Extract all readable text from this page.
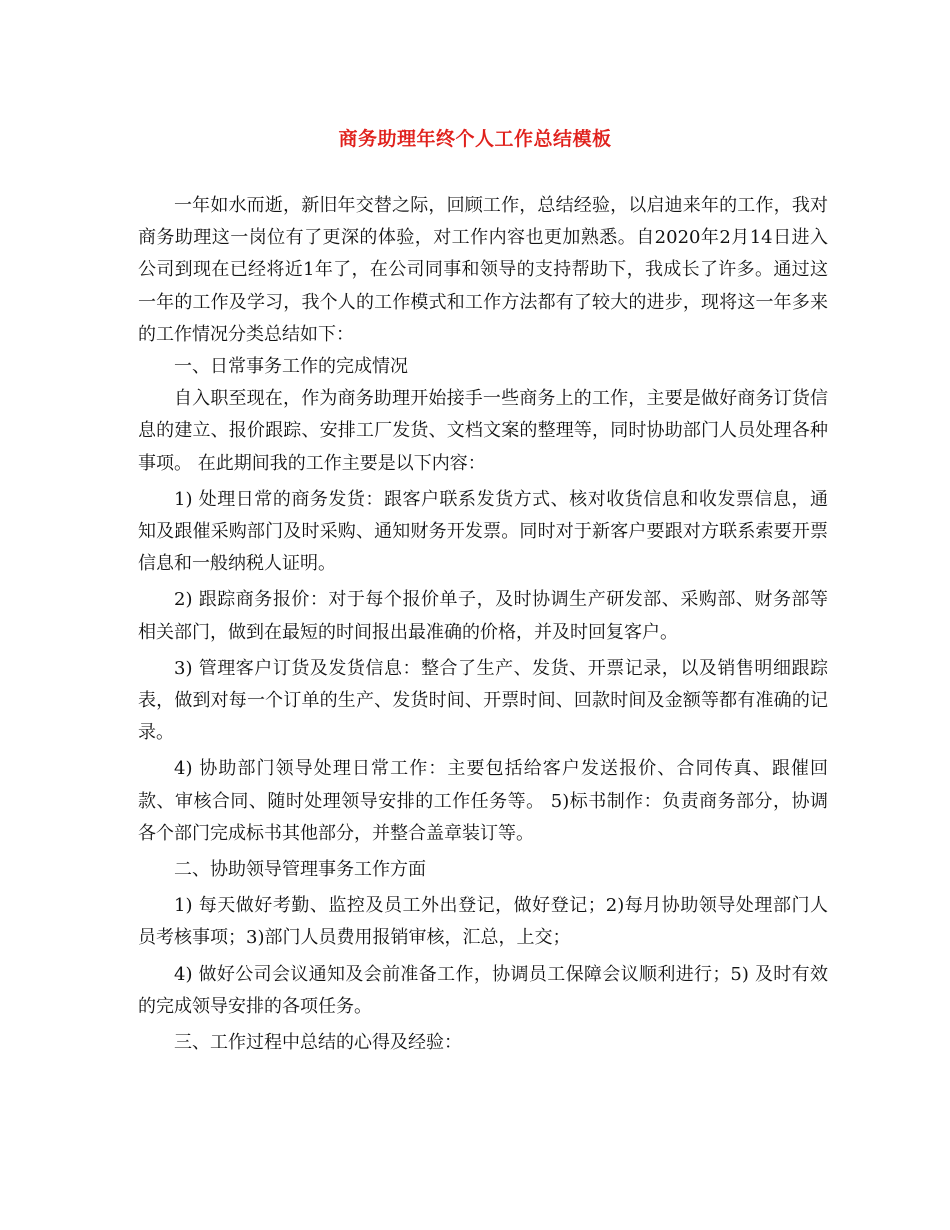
商务助理年终个人工作总结模板

一年如水而逝，新旧年交替之际，回顾工作，总结经验，以启迪来年的工作，我对商务助理这一岗位有了更深的体验，对工作内容也更加熟悉。自2020年2月14日进入公司到现在已经将近1年了，在公司同事和领导的支持帮助下，我成长了许多。通过这一年的工作及学习，我个人的工作模式和工作方法都有了较大的进步，现将这一年多来的工作情况分类总结如下：

一、日常事务工作的完成情况

自入职至现在，作为商务助理开始接手一些商务上的工作，主要是做好商务订货信息的建立、报价跟踪、安排工厂发货、文档文案的整理等，同时协助部门人员处理各种事项。 在此期间我的工作主要是以下内容：

1) 处理日常的商务发货：跟客户联系发货方式、核对收货信息和收发票信息，通知及跟催采购部门及时采购、通知财务开发票。同时对于新客户要跟对方联系索要开票信息和一般纳税人证明。

2) 跟踪商务报价：对于每个报价单子，及时协调生产研发部、采购部、财务部等相关部门，做到在最短的时间报出最准确的价格，并及时回复客户。

3) 管理客户订货及发货信息：整合了生产、发货、开票记录，以及销售明细跟踪表，做到对每一个订单的生产、发货时间、开票时间、回款时间及金额等都有准确的记录。

4) 协助部门领导处理日常工作：主要包括给客户发送报价、合同传真、跟催回款、审核合同、随时处理领导安排的工作任务等。 5)标书制作：负责商务部分，协调各个部门完成标书其他部分，并整合盖章装订等。

二、协助领导管理事务工作方面

1) 每天做好考勤、监控及员工外出登记，做好登记；2)每月协助领导处理部门人员考核事项；3)部门人员费用报销审核，汇总，上交；

4) 做好公司会议通知及会前准备工作，协调员工保障会议顺利进行；5) 及时有效的完成领导安排的各项任务。

三、工作过程中总结的心得及经验：
